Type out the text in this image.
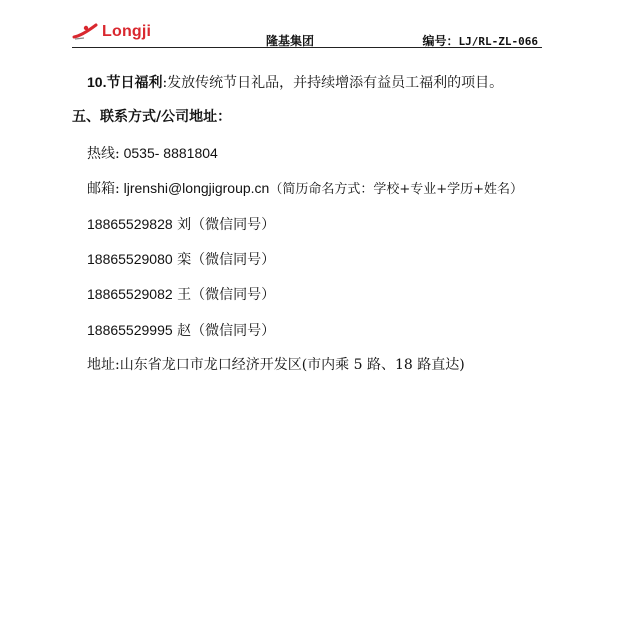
Longji
隆基集团	编号：LJ/RL-ZL-066
10.节日福利:发放传统节日礼品，并持续增添有益员工福利的项目。
五、联系方式/公司地址：
热线: 0535- 8881804
邮箱: ljrenshi@longjigroup.cn（简历命名方式：学校+专业+学历+姓名）
18865529828 刘（微信同号）
18865529080 栾（微信同号）
18865529082 王（微信同号）
18865529995 赵（微信同号）
地址:山东省龙口市龙口经济开发区(市内乘 5 路、18 路直达)
